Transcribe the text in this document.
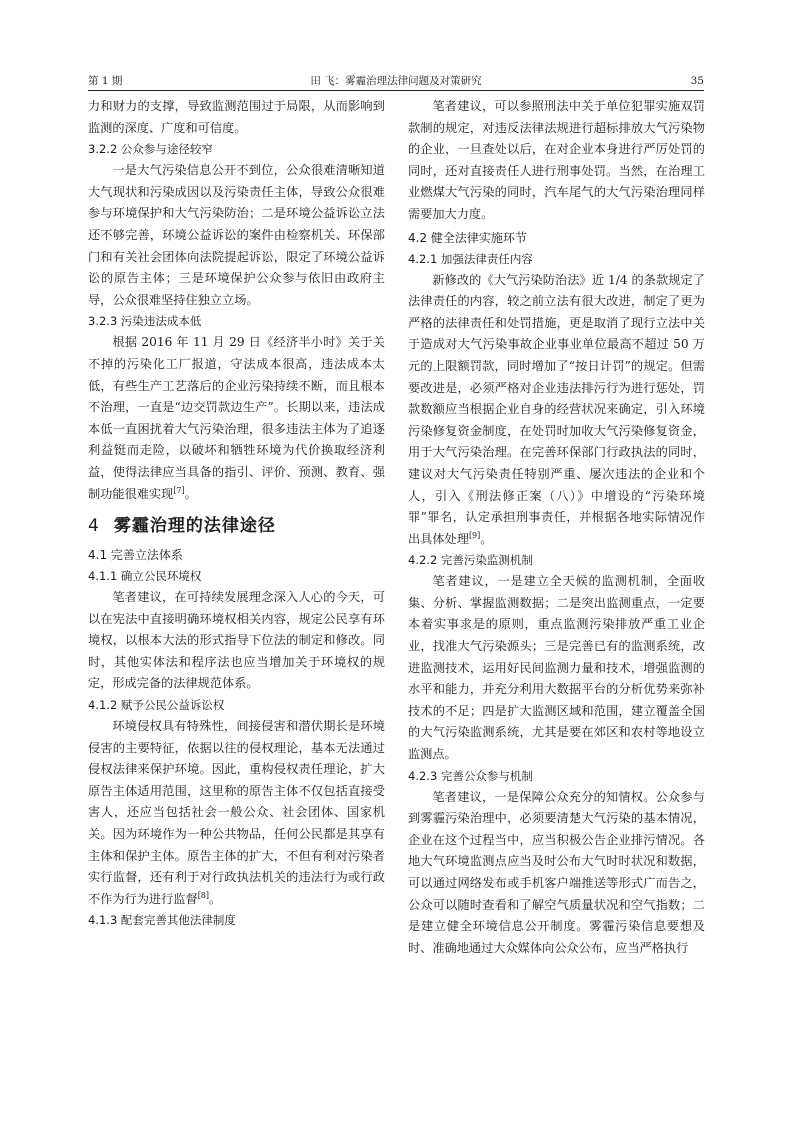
第 1 期	田 飞：雾霾治理法律问题及对策研究	35

力和财力的支撑，导致监测范围过于局限，从而影响到监测的深度、广度和可信度。

3.2.2 公众参与途径较窄

一是大气污染信息公开不到位，公众很难清晰知道大气现状和污染成因以及污染责任主体，导致公众很难参与环境保护和大气污染防治；二是环境公益诉讼立法还不够完善，环境公益诉讼的案件由检察机关、环保部门和有关社会团体向法院提起诉讼，限定了环境公益诉讼的原告主体；三是环境保护公众参与依旧由政府主导，公众很难坚持住独立立场。

3.2.3 污染违法成本低

根据 2016 年 11 月 29 日《经济半小时》关于关不掉的污染化工厂报道，守法成本很高，违法成本太低，有些生产工艺落后的企业污染持续不断，而且根本不治理，一直是“边交罚款边生产”。长期以来，违法成本低一直困扰着大气污染治理，很多违法主体为了追逐利益铤而走险，以破坏和牺牲环境为代价换取经济利益，使得法律应当具备的指引、评价、预测、教育、强制功能很难实现[7]。

4 雾霾治理的法律途径
4.1 完善立法体系
4.1.1 确立公民环境权

笔者建议，在可持续发展理念深入人心的今天，可以在宪法中直接明确环境权相关内容，规定公民享有环境权，以根本大法的形式指导下位法的制定和修改。同时，其他实体法和程序法也应当增加关于环境权的规定，形成完备的法律规范体系。

4.1.2 赋予公民公益诉讼权

环境侵权具有特殊性，间接侵害和潜伏期长是环境侵害的主要特征，依据以往的侵权理论，基本无法通过侵权法律来保护环境。因此，重构侵权责任理论，扩大原告主体适用范围，这里称的原告主体不仅包括直接受害人，还应当包括社会一般公众、社会团体、国家机关。因为环境作为一种公共物品，任何公民都是其享有主体和保护主体。原告主体的扩大，不但有利对污染者实行监督，还有利于对行政执法机关的违法行为或行政不作为行为进行监督[8]。

4.1.3 配套完善其他法律制度

笔者建议，可以参照刑法中关于单位犯罪实施双罚款制的规定，对违反法律法规进行超标排放大气污染物的企业，一旦查处以后，在对企业本身进行严厉处罚的同时，还对直接责任人进行刑事处罚。当然，在治理工业燃煤大气污染的同时，汽车尾气的大气污染治理同样需要加大力度。

4.2 健全法律实施环节
4.2.1 加强法律责任内容

新修改的《大气污染防治法》近 1/4 的条款规定了法律责任的内容，较之前立法有很大改进，制定了更为严格的法律责任和处罚措施，更是取消了现行立法中关于造成对大气污染事故企业事业单位最高不超过 50 万元的上限额罚款，同时增加了“按日计罚”的规定。但需要改进是，必须严格对企业违法排污行为进行惩处，罚款数额应当根据企业自身的经营状况来确定，引入环境污染修复资金制度，在处罚时加收大气污染修复资金，用于大气污染治理。在完善环保部门行政执法的同时，建议对大气污染责任特别严重、屡次违法的企业和个人，引入《刑法修正案（八）》中增设的“污染环境罪”罪名，认定承担刑事责任，并根据各地实际情况作出具体处理[9]。

4.2.2 完善污染监测机制

笔者建议，一是建立全天候的监测机制，全面收集、分析、掌握监测数据；二是突出监测重点，一定要本着实事求是的原则，重点监测污染排放严重工业企业，找准大气污染源头；三是完善已有的监测系统，改进监测技术，运用好民间监测力量和技术，增强监测的水平和能力，并充分利用大数据平台的分析优势来弥补技术的不足；四是扩大监测区域和范围，建立覆盖全国的大气污染监测系统，尤其是要在郊区和农村等地设立监测点。

4.2.3 完善公众参与机制

笔者建议，一是保障公众充分的知情权。公众参与到雾霾污染治理中，必须要清楚大气污染的基本情况，企业在这个过程当中，应当积极公告企业排污情况。各地大气环境监测点应当及时公布大气时时状况和数据，可以通过网络发布或手机客户端推送等形式广而告之，公众可以随时查看和了解空气质量状况和空气指数；二是建立健全环境信息公开制度。雾霾污染信息要想及时、准确地通过大众媒体向公众公布，应当严格执行
